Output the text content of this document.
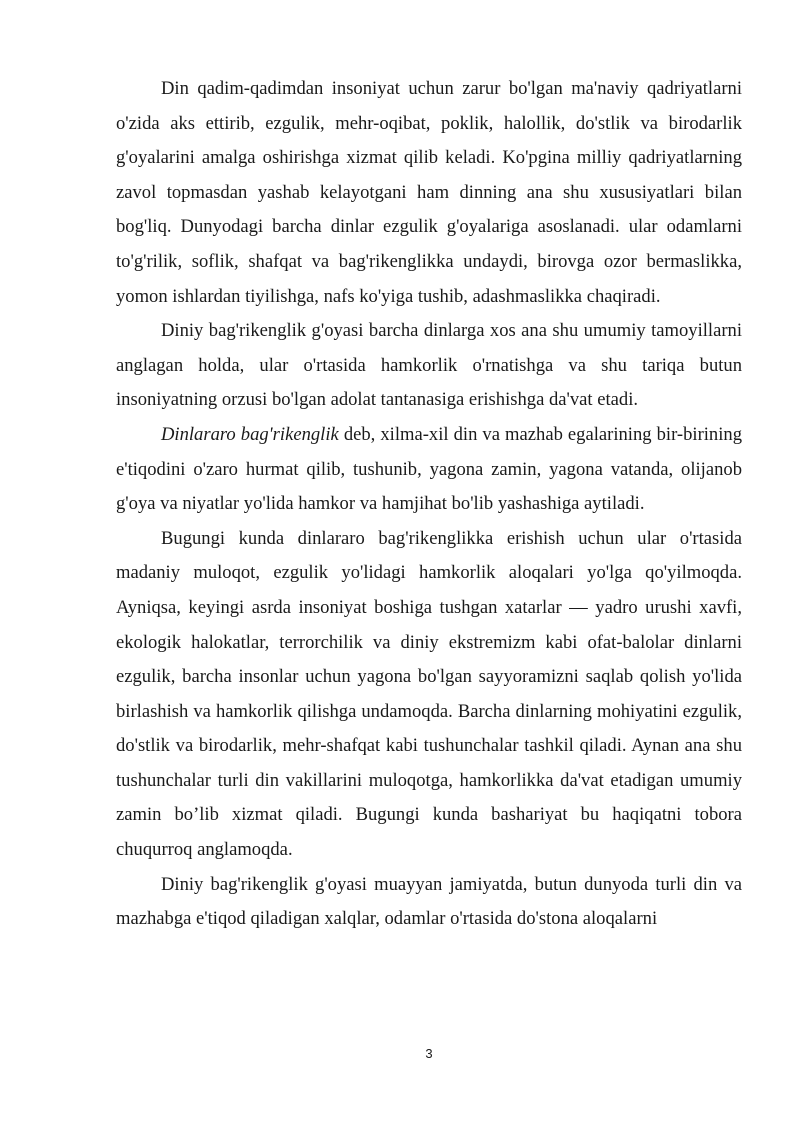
Din qadim-qadimdan insoniyat uchun zarur bo'lgan ma'naviy qadriyatlarni o'zida aks ettirib, ezgulik, mehr-oqibat, poklik, halollik, do'stlik va birodarlik g'oyalarini amalga oshirishga xizmat qilib keladi. Ko'pgina milliy qadriyatlarning zavol topmasdan yashab kelayotgani ham dinning ana shu xususiyatlari bilan bog'liq. Dunyodagi barcha dinlar ezgulik g'oyalariga asoslanadi. ular odamlarni to'g'rilik, soflik, shafqat va bag'rikenglikka undaydi, birovga ozor bermaslikka, yomon ishlardan tiyilishga, nafs ko'yiga tushib, adashmaslikka chaqiradi.

Diniy bag'rikenglik g'oyasi barcha dinlarga xos ana shu umumiy tamoyillarni anglagan holda, ular o'rtasida hamkorlik o'rnatishga va shu tariqa butun insoniyatning orzusi bo'lgan adolat tantanasiga erishishga da'vat etadi.

Dinlararo bag'rikenglik deb, xilma-xil din va mazhab egalarining bir-birining e'tiqodini o'zaro hurmat qilib, tushunib, yagona zamin, yagona vatanda, olijanob g'oya va niyatlar yo'lida hamkor va hamjihat bo'lib yashashiga aytiladi.

Bugungi kunda dinlararo bag'rikenglikka erishish uchun ular o'rtasida madaniy muloqot, ezgulik yo'lidagi hamkorlik aloqalari yo'lga qo'yilmoqda. Ayniqsa, keyingi asrda insoniyat boshiga tushgan xatarlar — yadro urushi xavfi, ekologik halokatlar, terrorchilik va diniy ekstremizm kabi ofat-balolar dinlarni ezgulik, barcha insonlar uchun yagona bo'lgan sayyoramizni saqlab qolish yo'lida birlashish va hamkorlik qilishga undamoqda. Barcha dinlarning mohiyatini ezgulik, do'stlik va birodarlik, mehr-shafqat kabi tushunchalar tashkil qiladi. Aynan ana shu tushunchalar turli din vakillarini muloqotga, hamkorlikka da'vat etadigan umumiy zamin bo’lib xizmat qiladi. Bugungi kunda bashariyat bu haqiqatni tobora chuqurroq anglamoqda.

Diniy bag'rikenglik g'oyasi muayyan jamiyatda, butun dunyoda turli din va mazhabga e'tiqod qiladigan xalqlar, odamlar o'rtasida do'stona aloqalarni

3
